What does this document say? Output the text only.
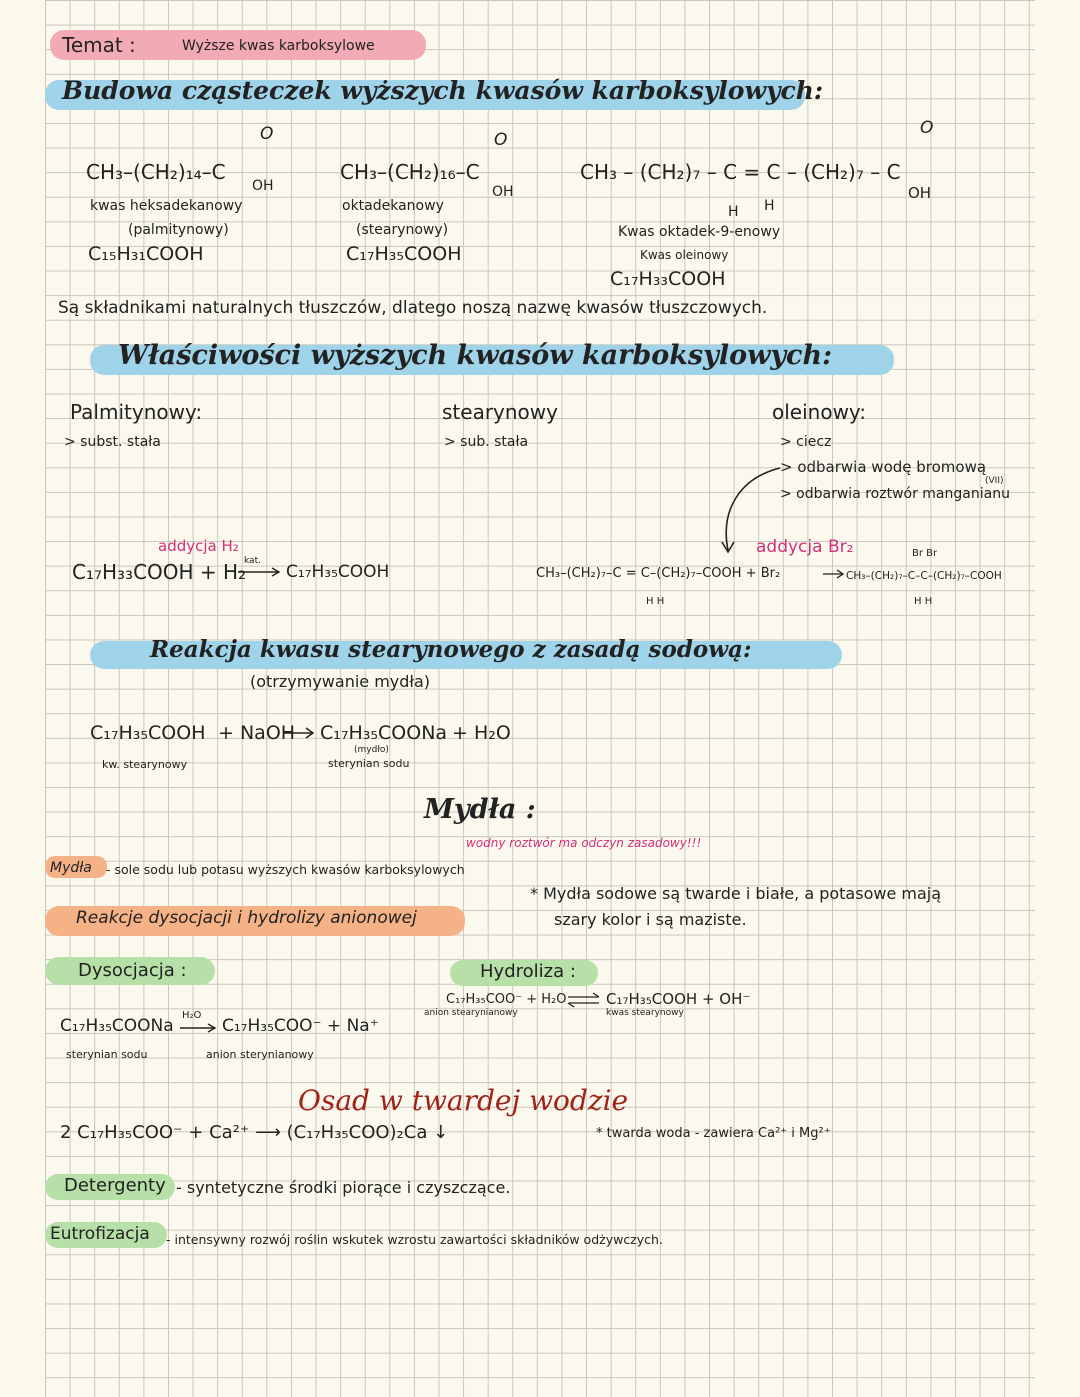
Temat :	Wyższe kwas karboksylowe
Budowa cząsteczek wyższych kwasów karboksylowych:
O
CH₃–(CH₂)₁₄–C
OH
kwas heksadekanowy
(palmitynowy)
C₁₅H₃₁COOH
O
CH₃–(CH₂)₁₆–C
OH
oktadekanowy
(stearynowy)
C₁₇H₃₅COOH
O
CH₃ – (CH₂)₇ – C = C – (CH₂)₇ – C
OH
H H
Kwas oktadek-9-enowy
Kwas oleinowy
C₁₇H₃₃COOH
Są składnikami naturalnych tłuszczów, dlatego noszą nazwę kwasów tłuszczowych.
Właściwości wyższych kwasów karboksylowych:
Palmitynowy:
> subst. stała
stearynowy
> sub. stała
oleinowy:
> ciecz
> odbarwia wodę bromową
(VII)
> odbarwia roztwór manganianu
addycja H₂
C₁₇H₃₃COOH + H₂
kat.
C₁₇H₃₅COOH
addycja Br₂
CH₃–(CH₂)₇–C = C–(CH₂)₇–COOH + Br₂
H H
Br Br
CH₃–(CH₂)₇–C–C–(CH₂)₇–COOH
H H
Reakcja kwasu stearynowego z zasadą sodową:
(otrzymywanie mydła)
C₁₇H₃₅COOH + NaOH C₁₇H₃₅COONa + H₂O
kw. stearynowy
(mydło)
sterynian sodu
Mydła :
wodny roztwór ma odczyn zasadowy!!!
Mydła - sole sodu lub potasu wyższych kwasów karboksylowych
* Mydła sodowe są twarde i białe, a potasowe mają
szary kolor i są maziste.
Reakcje dysocjacji i hydrolizy anionowej
Dysocjacja :
C₁₇H₃₅COONa
H₂O
C₁₇H₃₅COO⁻ + Na⁺
sterynian sodu	anion sterynianowy
Hydroliza :
C₁₇H₃₅COO⁻ + H₂O	C₁₇H₃₅COOH + OH⁻
anion stearynianowy	kwas stearynowy
Osad w twardej wodzie
2 C₁₇H₃₅COO⁻ + Ca²⁺ ⟶ (C₁₇H₃₅COO)₂Ca ↓	* twarda woda - zawiera Ca²⁺ i Mg²⁺
Detergenty - syntetyczne środki piorące i czyszczące.
Eutrofizacja - intensywny rozwój roślin wskutek wzrostu zawartości składników odżywczych.
